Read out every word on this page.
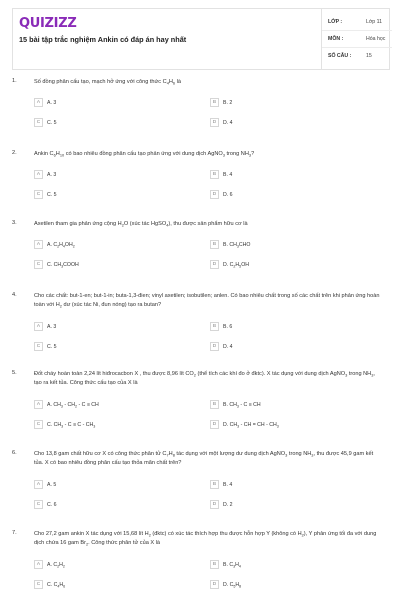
QUIZIZZ
15 bài tập trắc nghiệm Ankin có đáp án hay nhất
LỚP :	Lớp 11
MÔN :	Hóa học
SỐ CÂU :	15
1.	Số đồng phân cấu tạo, mạch hở ứng với công thức $C_4H_6$ là
A	A. 3	B	B. 2
C	C. 5	D	D. 4
2.	Ankin $C_6H_{10}$ có bao nhiêu đồng phân cấu tạo phản ứng với dung dịch AgNO$_3$ trong $NH_3$?
A	A. 3	B	B. 4
C	C. 5	D	D. 6
3.	Axetilen tham gia phản ứng cộng $H_2O$ (xúc tác HgSO$_4$), thu được sản phẩm hữu cơ là
A	A. $C_2H_4OH_2$	B	B. $CH_3CHO$
C	C. $CH_3COOH$	D	D. $C_2H_5OH$
4.	Cho các chất: but-1-en; but-1-in; buta-1,3-đien; vinyl axetilen; isobutilen; anlen. Có bao nhiêu chất trong số các chất trên khi phản ứng hoàn toàn với $H_2$ dư (xúc tác Ni, đun nóng) tạo ra butan?
A	A. 3	B	B. 6
C	C. 5	D	D. 4
5.	Đốt cháy hoàn toàn 2,24 lít hiđrocacbon X , thu được 8,96 lít $CO_2$ (thể tích các khí đo ở đktc). X tác dụng với dung dịch AgNO$_3$ trong $NH_3$, tạo ra kết tủa. Công thức cấu tạo của X là
A	A. $CH_3 - CH_2$ - C ≡ CH	B	B. $CH_3$ - C ≡ CH
C	C. $CH_3 - C \equiv C - CH_3$	D	D. $CH_3$ - CH = CH - $CH_3$
6.	Cho 13,8 gam chất hữu cơ X có công thức phân tử $C_7H_8$ tác dụng với một lượng dư dung dịch AgNO$_3$ trong $NH_3$, thu được 45,9 gam kết tủa. X có bao nhiêu đồng phân cấu tạo thỏa mãn chất trên?
A	A. 5	B	B. 4
C	C. 6	D	D. 2
7.	Cho 27,2 gam ankin X tác dụng với 15,68 lít $H_2$ (đktc) có xúc tác thích hợp thu được hỗn hợp Y (không có $H_2$), Y phản ứng tối đa với dung dịch chứa 16 gam $Br_2$. Công thức phân tử của X là
A	A. $C_2H_2$	B	B. $C_3H_4$
C	C. $C_4H_6$	D	D. $C_5H_8$
